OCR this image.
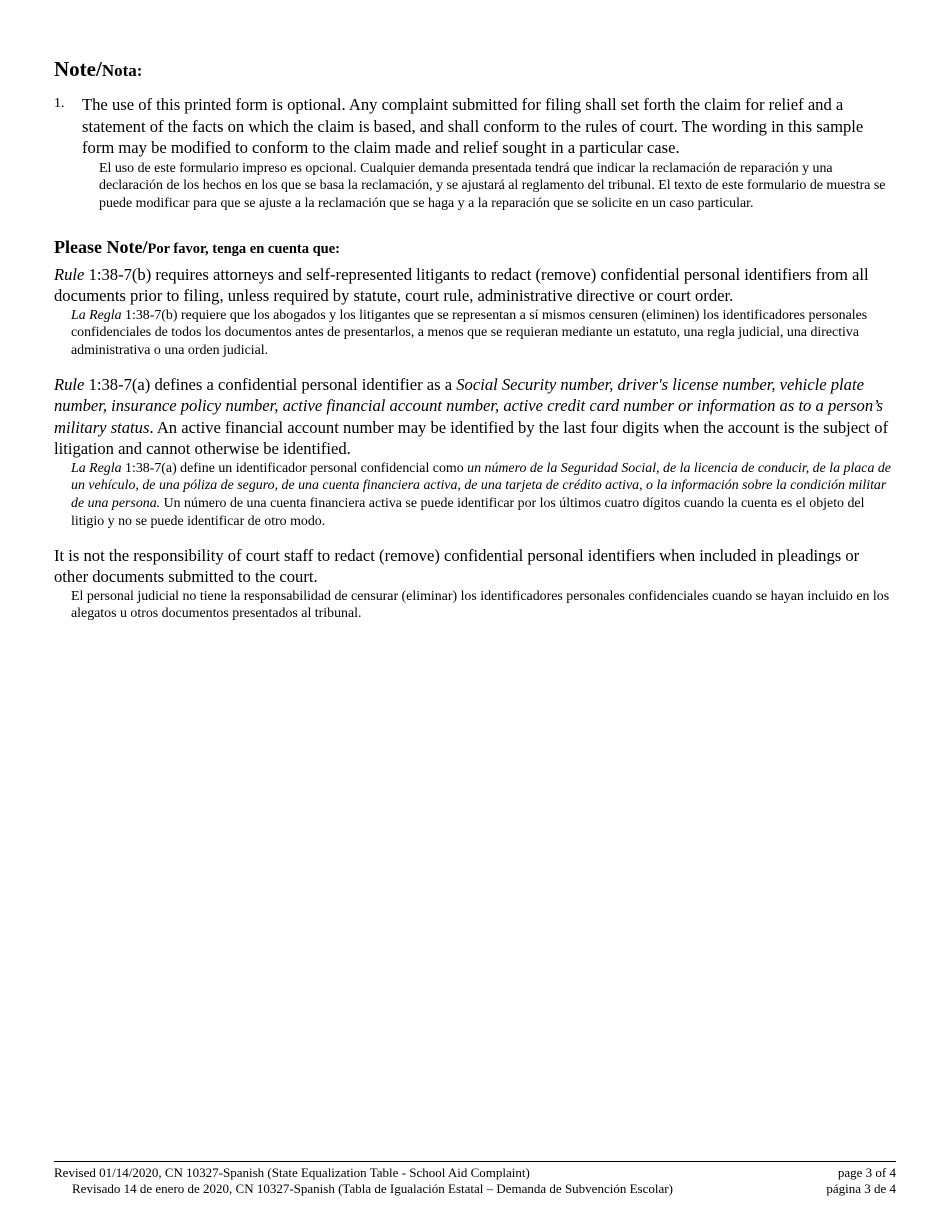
Note/Nota:
1. The use of this printed form is optional. Any complaint submitted for filing shall set forth the claim for relief and a statement of the facts on which the claim is based, and shall conform to the rules of court. The wording in this sample form may be modified to conform to the claim made and relief sought in a particular case.

El uso de este formulario impreso es opcional. Cualquier demanda presentada tendrá que indicar la reclamación de reparación y una declaración de los hechos en los que se basa la reclamación, y se ajustará al reglamento del tribunal. El texto de este formulario de muestra se puede modificar para que se ajuste a la reclamación que se haga y a la reparación que se solicite en un caso particular.

Please Note/Por favor, tenga en cuenta que:

Rule 1:38-7(b) requires attorneys and self-represented litigants to redact (remove) confidential personal identifiers from all documents prior to filing, unless required by statute, court rule, administrative directive or court order.

La Regla 1:38-7(b) requiere que los abogados y los litigantes que se representan a sí mismos censuren (eliminen) los identificadores personales confidenciales de todos los documentos antes de presentarlos, a menos que se requieran mediante un estatuto, una regla judicial, una directiva administrativa o una orden judicial.

Rule 1:38-7(a) defines a confidential personal identifier as a Social Security number, driver's license number, vehicle plate number, insurance policy number, active financial account number, active credit card number or information as to a person’s military status. An active financial account number may be identified by the last four digits when the account is the subject of litigation and cannot otherwise be identified.

La Regla 1:38-7(a) define un identificador personal confidencial como un número de la Seguridad Social, de la licencia de conducir, de la placa de un vehículo, de una póliza de seguro, de una cuenta financiera activa, de una tarjeta de crédito activa, o la información sobre la condición militar de una persona. Un número de una cuenta financiera activa se puede identificar por los últimos cuatro dígitos cuando la cuenta es el objeto del litigio y no se puede identificar de otro modo.

It is not the responsibility of court staff to redact (remove) confidential personal identifiers when included in pleadings or other documents submitted to the court.

El personal judicial no tiene la responsabilidad de censurar (eliminar) los identificadores personales confidenciales cuando se hayan incluido en los alegatos u otros documentos presentados al tribunal.

Revised 01/14/2020, CN 10327-Spanish (State Equalization Table - School Aid Complaint)	page 3 of 4
Revisado 14 de enero de 2020, CN 10327-Spanish (Tabla de Igualación Estatal – Demanda de Subvención Escolar)	página 3 de 4
